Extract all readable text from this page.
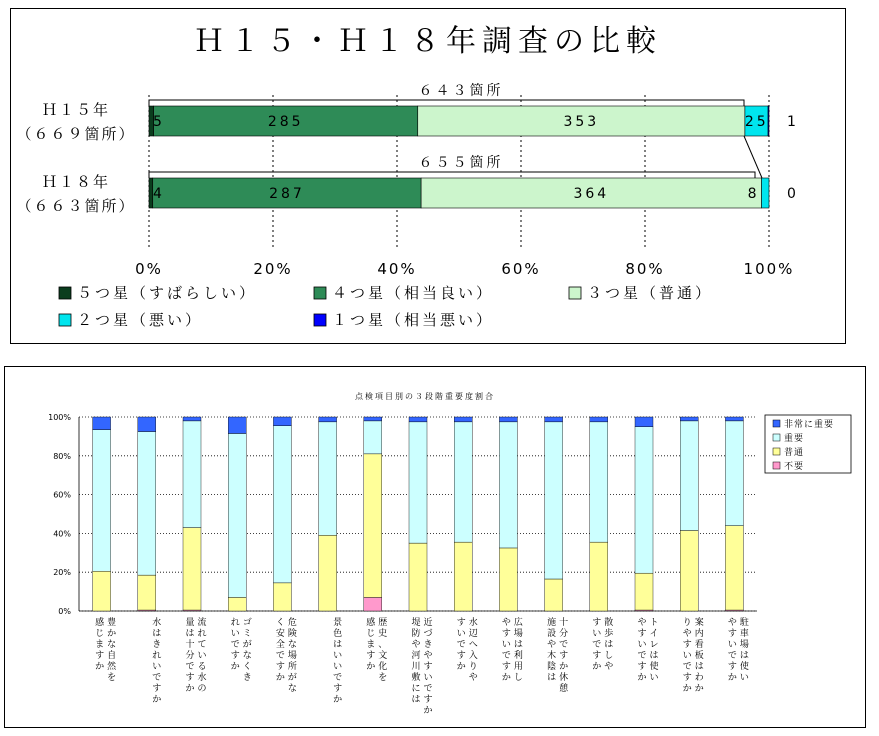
Ｈ１５・Ｈ１８年調査の比較
0%	20%	40%	60%	80%	100%
Ｈ１５年
（６６９箇所）
5	285	353	25 1
Ｈ１８年
（６６３箇所）
4	287	364	8 0
６４３箇所
６５５箇所
５つ星（すばらしい）	４つ星（相当良い）	３つ星（普通）
２つ星（悪い）	１つ星（相当悪い）
点検項目別の３段階重要度割合
0%
20%
40%
60%
80%
100%
豊
か
な
自
然
を
感
じ
ま
す
か
水
は
き
れ
い
で
す
か
流
れ
て
い
る
水
の
量
は
十
分
で
す
か
ゴ
ミ
が
な
く
き
れ
い
で
す
か
危
険
な
場
所
が
な
く
安
全
で
す
か
景
色
は
い
い
で
す
か
歴
史
、
文
化
を
感
じ
ま
す
か
近
づ
き
や
す
い
で
す
か
堤
防
や
河
川
敷
に
は
水
辺
へ
入
り
や
す
い
で
す
か
広
場
は
利
用
し
や
す
い
で
す
か
十
分
で
す
か
休
憩
施
設
や
木
陰
は
散
歩
は
し
や
す
い
で
す
か
ト
イ
レ
は
使
い
や
す
い
で
す
か
案
内
看
板
は
わ
か
り
や
す
い
で
す
か
駐
車
場
は
使
い
や
す
い
で
す
か
非常に重要
重要
普通
不要
